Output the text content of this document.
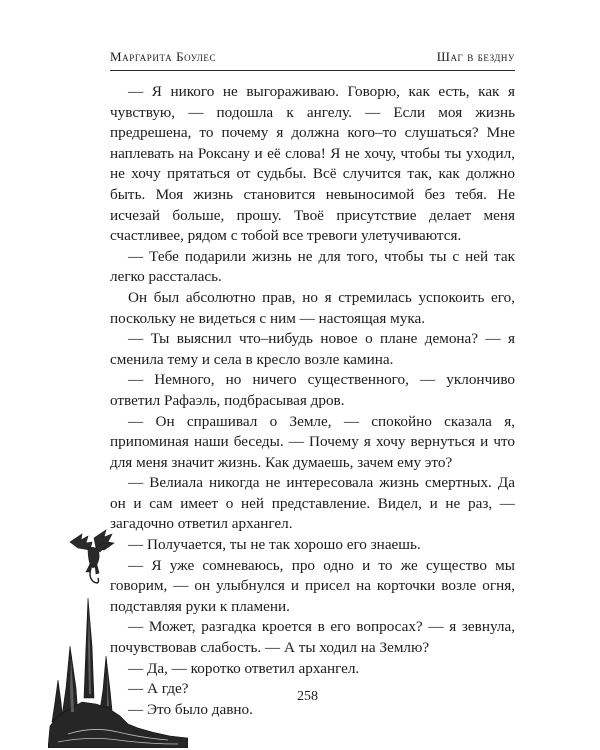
Маргарита Боулес	Шаг в бездну

— Я никого не выгораживаю. Говорю, как есть, как я чувствую, — подошла к ангелу. — Если моя жизнь предрешена, то почему я должна кого–то слушаться? Мне наплевать на Роксану и её слова! Я не хочу, чтобы ты уходил, не хочу прятаться от судьбы. Всё случится так, как должно быть. Моя жизнь становится невыносимой без тебя. Не исчезай больше, прошу. Твоё присутствие делает меня счастливее, рядом с тобой все тревоги улетучиваются.

— Тебе подарили жизнь не для того, чтобы ты с ней так легко рассталась.

Он был абсолютно прав, но я стремилась успокоить его, поскольку не видеться с ним — настоящая мука.

— Ты выяснил что–нибудь новое о плане демона? — я сменила тему и села в кресло возле камина.

— Немного, но ничего существенного, — уклончиво ответил Рафаэль, подбрасывая дров.

— Он спрашивал о Земле, — спокойно сказала я, припоминая наши беседы. — Почему я хочу вернуться и что для меня значит жизнь. Как думаешь, зачем ему это?

— Велиала никогда не интересовала жизнь смертных. Да он и сам имеет о ней представление. Видел, и не раз, — загадочно ответил архангел.

— Получается, ты не так хорошо его знаешь.

— Я уже сомневаюсь, про одно и то же существо мы говорим, — он улыбнулся и присел на корточки возле огня, подставляя руки к пламени.

— Может, разгадка кроется в его вопросах? — я зевнула, почувствовав слабость. — А ты ходил на Землю?

— Да, — коротко ответил архангел.

— А где?

— Это было давно.

258
